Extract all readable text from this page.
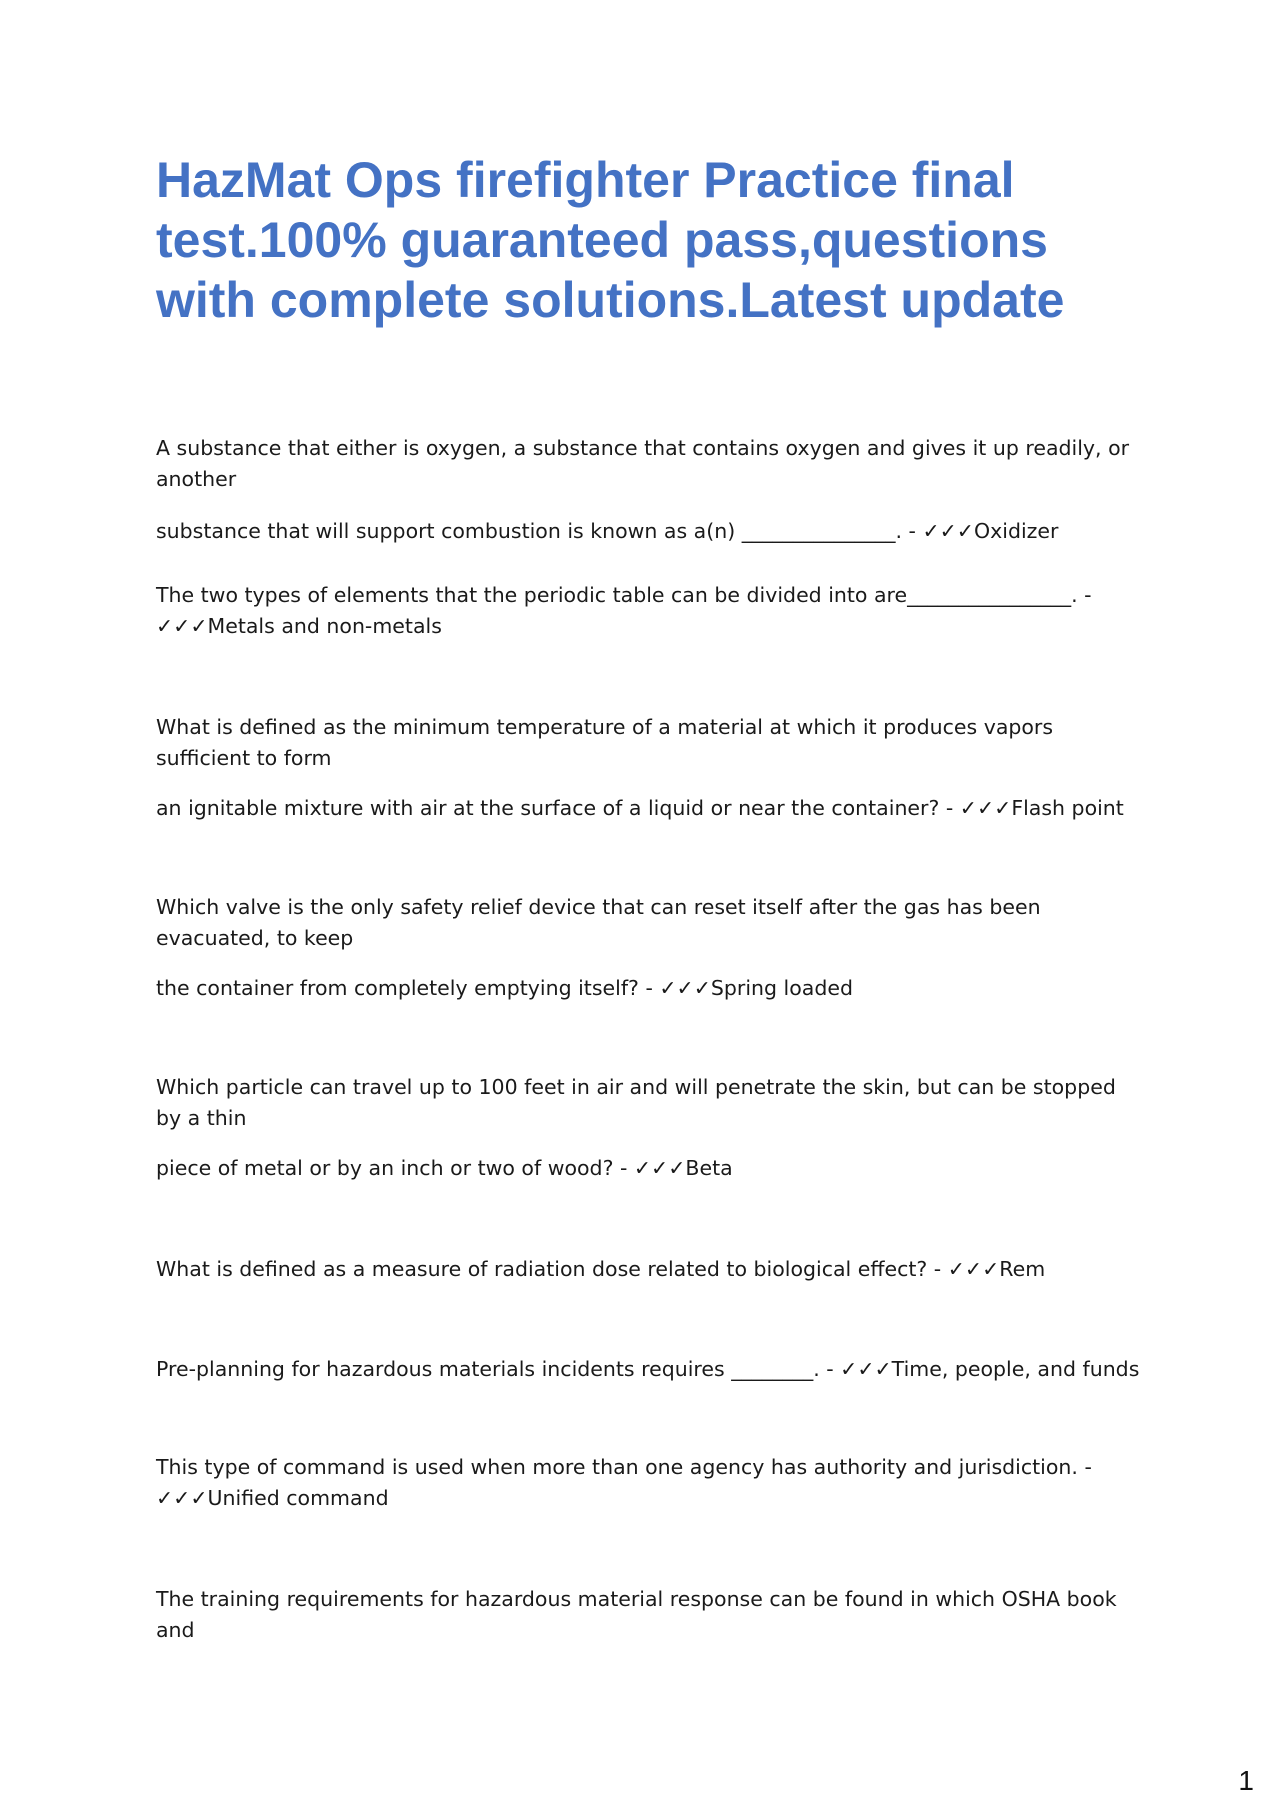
HazMat Ops firefighter Practice final test.100% guaranteed pass,questions with complete solutions.Latest update

A substance that either is oxygen, a substance that contains oxygen and gives it up readily, or another

substance that will support combustion is known as a(n) _______________. - ✓✓✓Oxidizer

The two types of elements that the periodic table can be divided into are________________. - ✓✓✓Metals and non-metals

What is defined as the minimum temperature of a material at which it produces vapors sufficient to form

an ignitable mixture with air at the surface of a liquid or near the container? - ✓✓✓Flash point

Which valve is the only safety relief device that can reset itself after the gas has been evacuated, to keep

the container from completely emptying itself? - ✓✓✓Spring loaded

Which particle can travel up to 100 feet in air and will penetrate the skin, but can be stopped by a thin

piece of metal or by an inch or two of wood? - ✓✓✓Beta

What is defined as a measure of radiation dose related to biological effect? - ✓✓✓Rem

Pre-planning for hazardous materials incidents requires ________. - ✓✓✓Time, people, and funds

This type of command is used when more than one agency has authority and jurisdiction. - ✓✓✓Unified command

The training requirements for hazardous material response can be found in which OSHA book and

1
